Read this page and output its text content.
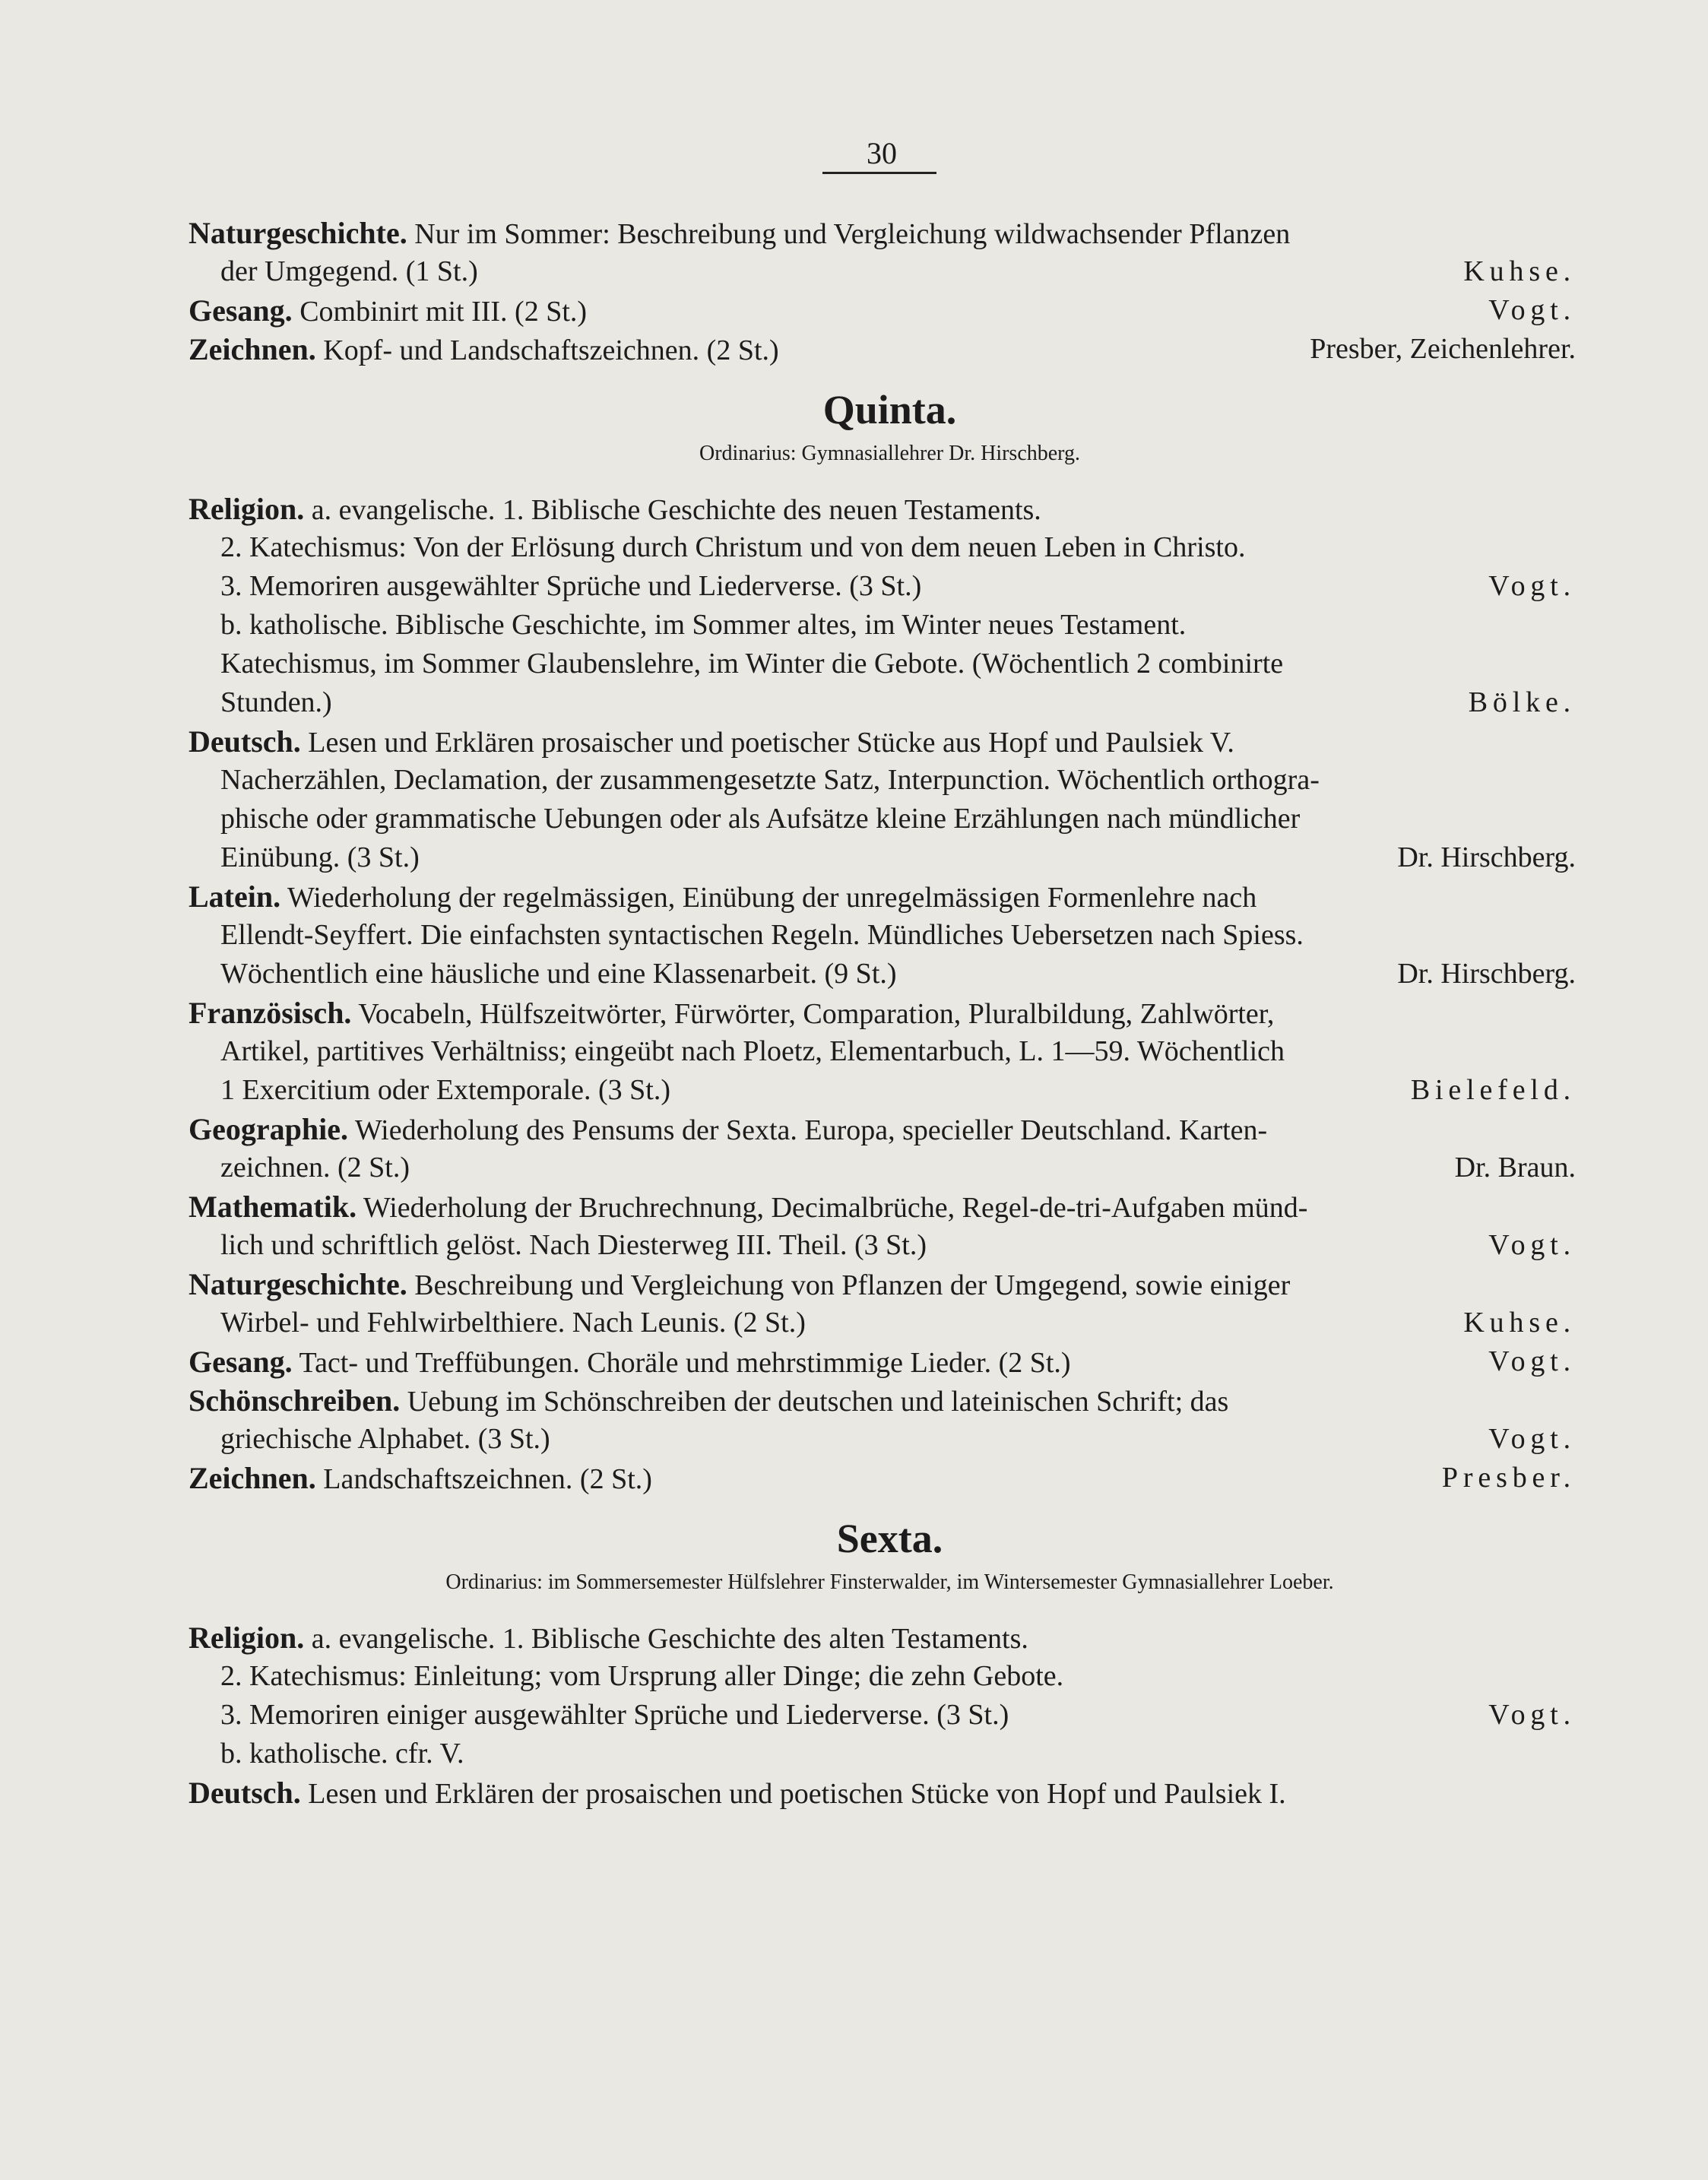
30
Naturgeschichte. Nur im Sommer: Beschreibung und Vergleichung wildwachsender Pflanzen
der Umgegend. (1 St.)	Kuhse.
Gesang. Combinirt mit III. (2 St.)	Vogt.
Zeichnen. Kopf- und Landschaftszeichnen. (2 St.)	Presber, Zeichenlehrer.
Quinta.
Ordinarius: Gymnasiallehrer Dr. Hirschberg.
Religion. a. evangelische. 1. Biblische Geschichte des neuen Testaments.
2. Katechismus: Von der Erlösung durch Christum und von dem neuen Leben in Christo.
3. Memoriren ausgewählter Sprüche und Liederverse. (3 St.)	Vogt.
b. katholische. Biblische Geschichte, im Sommer altes, im Winter neues Testament.
Katechismus, im Sommer Glaubenslehre, im Winter die Gebote. (Wöchentlich 2 combinirte
Stunden.)	Bölke.
Deutsch. Lesen und Erklären prosaischer und poetischer Stücke aus Hopf und Paulsiek V.
Nacherzählen, Declamation, der zusammengesetzte Satz, Interpunction. Wöchentlich orthogra-
phische oder grammatische Uebungen oder als Aufsätze kleine Erzählungen nach mündlicher
Einübung. (3 St.)	Dr. Hirschberg.
Latein. Wiederholung der regelmässigen, Einübung der unregelmässigen Formenlehre nach
Ellendt-Seyffert. Die einfachsten syntactischen Regeln. Mündliches Uebersetzen nach Spiess.
Wöchentlich eine häusliche und eine Klassenarbeit. (9 St.)	Dr. Hirschberg.
Französisch. Vocabeln, Hülfszeitwörter, Fürwörter, Comparation, Pluralbildung, Zahlwörter,
Artikel, partitives Verhältniss; eingeübt nach Ploetz, Elementarbuch, L. 1—59. Wöchentlich
1 Exercitium oder Extemporale. (3 St.)	Bielefeld.
Geographie. Wiederholung des Pensums der Sexta. Europa, specieller Deutschland. Karten-
zeichnen. (2 St.)	Dr. Braun.
Mathematik. Wiederholung der Bruchrechnung, Decimalbrüche, Regel-de-tri-Aufgaben münd-
lich und schriftlich gelöst. Nach Diesterweg III. Theil. (3 St.)	Vogt.
Naturgeschichte. Beschreibung und Vergleichung von Pflanzen der Umgegend, sowie einiger
Wirbel- und Fehlwirbelthiere. Nach Leunis. (2 St.)	Kuhse.
Gesang. Tact- und Treffübungen. Choräle und mehrstimmige Lieder. (2 St.)	Vogt.
Schönschreiben. Uebung im Schönschreiben der deutschen und lateinischen Schrift; das
griechische Alphabet. (3 St.)	Vogt.
Zeichnen. Landschaftszeichnen. (2 St.)	Presber.
Sexta.
Ordinarius: im Sommersemester Hülfslehrer Finsterwalder, im Wintersemester Gymnasiallehrer Loeber.
Religion. a. evangelische. 1. Biblische Geschichte des alten Testaments.
2. Katechismus: Einleitung; vom Ursprung aller Dinge; die zehn Gebote.
3. Memoriren einiger ausgewählter Sprüche und Liederverse. (3 St.)	Vogt.
b. katholische. cfr. V.
Deutsch. Lesen und Erklären der prosaischen und poetischen Stücke von Hopf und Paulsiek I.
